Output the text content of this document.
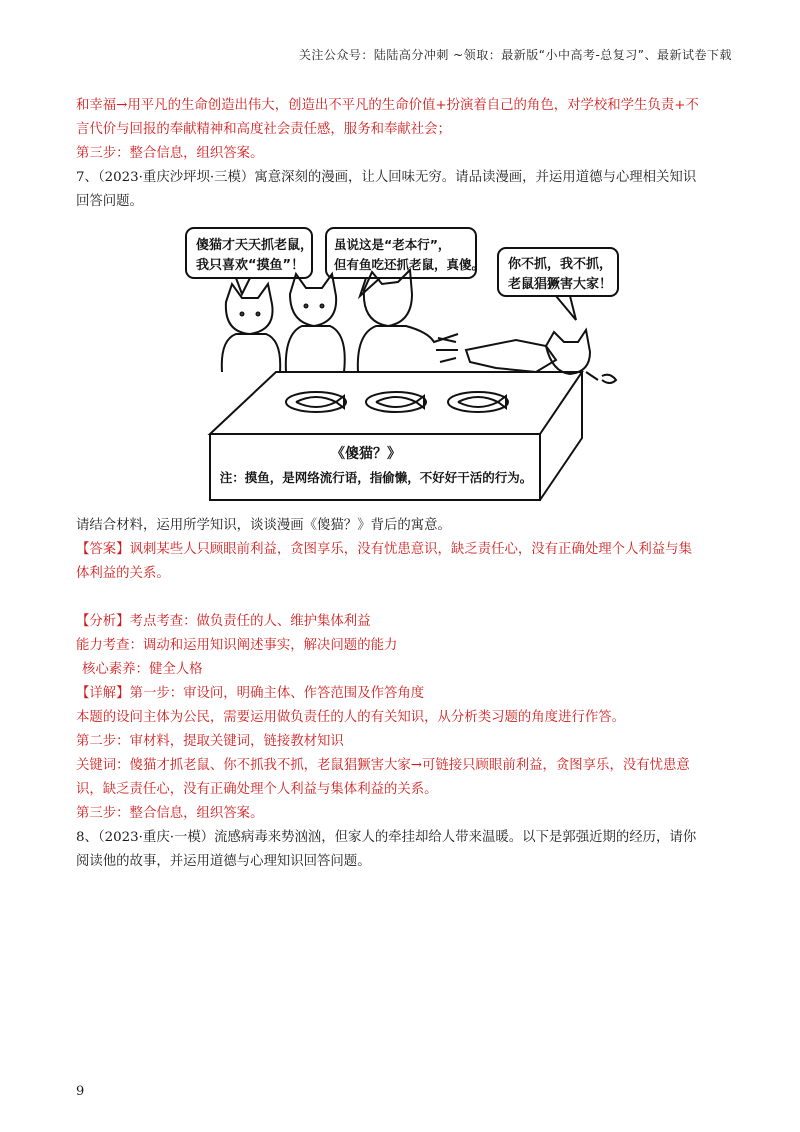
关注公众号：陆陆高分冲刺 ~领取：最新版“小中高考-总复习”、最新试卷下载
和幸福→用平凡的生命创造出伟大，创造出不平凡的生命价值+扮演着自己的角色，对学校和学生负责+不
言代价与回报的奉献精神和高度社会责任感，服务和奉献社会；
第三步：整合信息，组织答案。
7、（2023·重庆沙坪坝·三模）寓意深刻的漫画，让人回味无穷。请品读漫画，并运用道德与心理相关知识
回答问题。
傻猫才天天抓老鼠，
我只喜欢“摸鱼”！
虽说这是“老本行”，
但有鱼吃还抓老鼠，真傻。 你不抓，我不抓，
老鼠猖獗害大家！
《傻猫？》
注：摸鱼，是网络流行语，指偷懒，不好好干活的行为。
请结合材料，运用所学知识，谈谈漫画《傻猫？》背后的寓意。
【答案】讽刺某些人只顾眼前利益，贪图享乐，没有忧患意识，缺乏责任心，没有正确处理个人利益与集
体利益的关系。
【分析】考点考查：做负责任的人、维护集体利益
能力考查：调动和运用知识阐述事实，解决问题的能力
核心素养：健全人格
【详解】第一步：审设问，明确主体、作答范围及作答角度
本题的设问主体为公民，需要运用做负责任的人的有关知识，从分析类习题的角度进行作答。
第二步：审材料，提取关键词，链接教材知识
关键词：傻猫才抓老鼠、你不抓我不抓，老鼠猖獗害大家→可链接只顾眼前利益，贪图享乐，没有忧患意
识，缺乏责任心，没有正确处理个人利益与集体利益的关系。
第三步：整合信息，组织答案。
8、（2023·重庆·一模）流感病毒来势汹汹，但家人的牵挂却给人带来温暖。以下是郭强近期的经历，请你
阅读他的故事，并运用道德与心理知识回答问题。
9
